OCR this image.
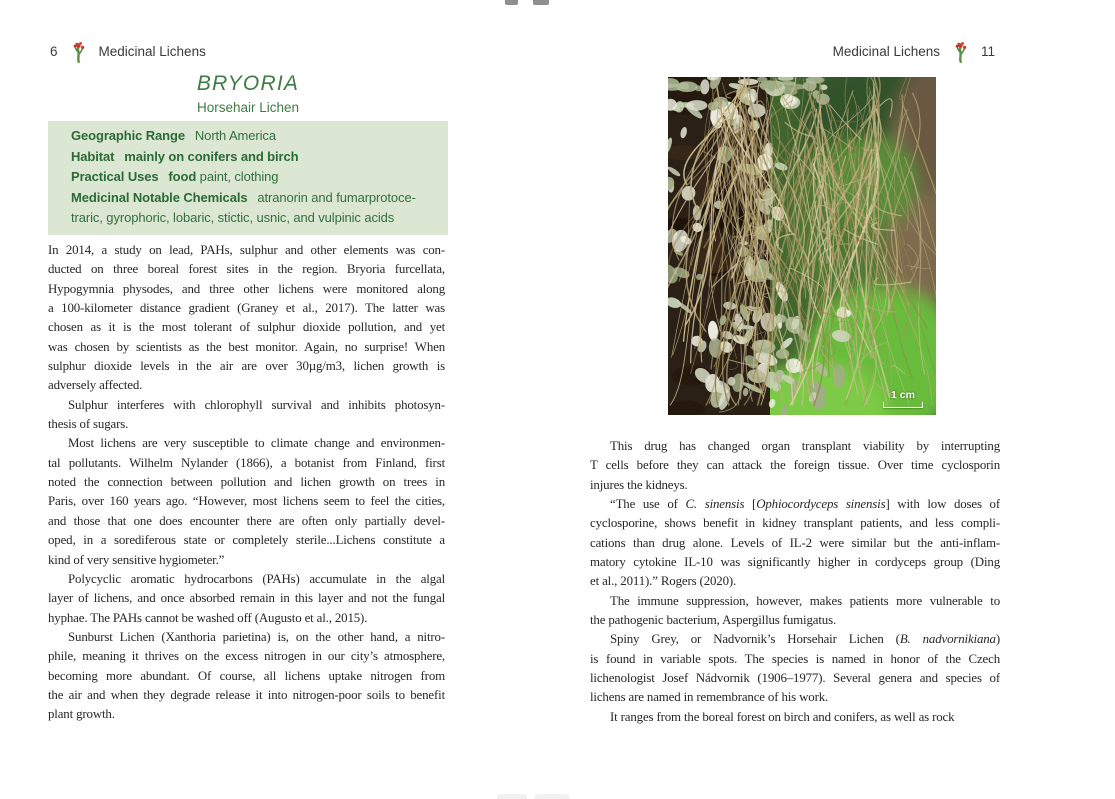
6	Medicinal Lichens	Medicinal Lichens	11
BRYORIA
Horsehair Lichen
Geographic Range  North America
Habitat  mainly on conifers and birch
Practical Uses  food paint, clothing
Medicinal Notable Chemicals  atranorin and fumarprotoce-
traric, gyrophoric, lobaric, stictic, usnic, and vulpinic acids
In 2014, a study on lead, PAHs, sulphur and other elements was con-
ducted on three boreal forest sites in the region. Bryoria furcellata,
Hypogymnia physodes, and three other lichens were monitored along
a 100-kilometer distance gradient (Graney et al., 2017). The latter was
chosen as it is the most tolerant of sulphur dioxide pollution, and yet
was chosen by scientists as the best monitor. Again, no surprise! When
sulphur dioxide levels in the air are over 30µg/m3, lichen growth is
adversely affected.
Sulphur interferes with chlorophyll survival and inhibits photosyn-
thesis of sugars.
Most lichens are very susceptible to climate change and environmen-
tal pollutants. Wilhelm Nylander (1866), a botanist from Finland, first
noted the connection between pollution and lichen growth on trees in
Paris, over 160 years ago. “However, most lichens seem to feel the cities,
and those that one does encounter there are often only partially devel-
oped, in a sorediferous state or completely sterile...Lichens constitute a
kind of very sensitive hygiometer.”
Polycyclic aromatic hydrocarbons (PAHs) accumulate in the algal
layer of lichens, and once absorbed remain in this layer and not the fungal
hyphae. The PAHs cannot be washed off (Augusto et al., 2015).
Sunburst Lichen (Xanthoria parietina) is, on the other hand, a nitro-
phile, meaning it thrives on the excess nitrogen in our city’s atmosphere,
becoming more abundant. Of course, all lichens uptake nitrogen from
the air and when they degrade release it into nitrogen-poor soils to benefit
plant growth.
1 cm
This drug has changed organ transplant viability by interrupting
T cells before they can attack the foreign tissue. Over time cyclosporin
injures the kidneys.
“The use of C. sinensis [Ophiocordyceps sinensis] with low doses of
cyclosporine, shows benefit in kidney transplant patients, and less compli-
cations than drug alone. Levels of IL-2 were similar but the anti-inflam-
matory cytokine IL-10 was significantly higher in cordyceps group (Ding
et al., 2011).” Rogers (2020).
The immune suppression, however, makes patients more vulnerable to
the pathogenic bacterium, Aspergillus fumigatus.
Spiny Grey, or Nadvornik’s Horsehair Lichen (B. nadvornikiana)
is found in variable spots. The species is named in honor of the Czech
lichenologist Josef Nádvornik (1906–1977). Several genera and species of
lichens are named in remembrance of his work.
It ranges from the boreal forest on birch and conifers, as well as rock
